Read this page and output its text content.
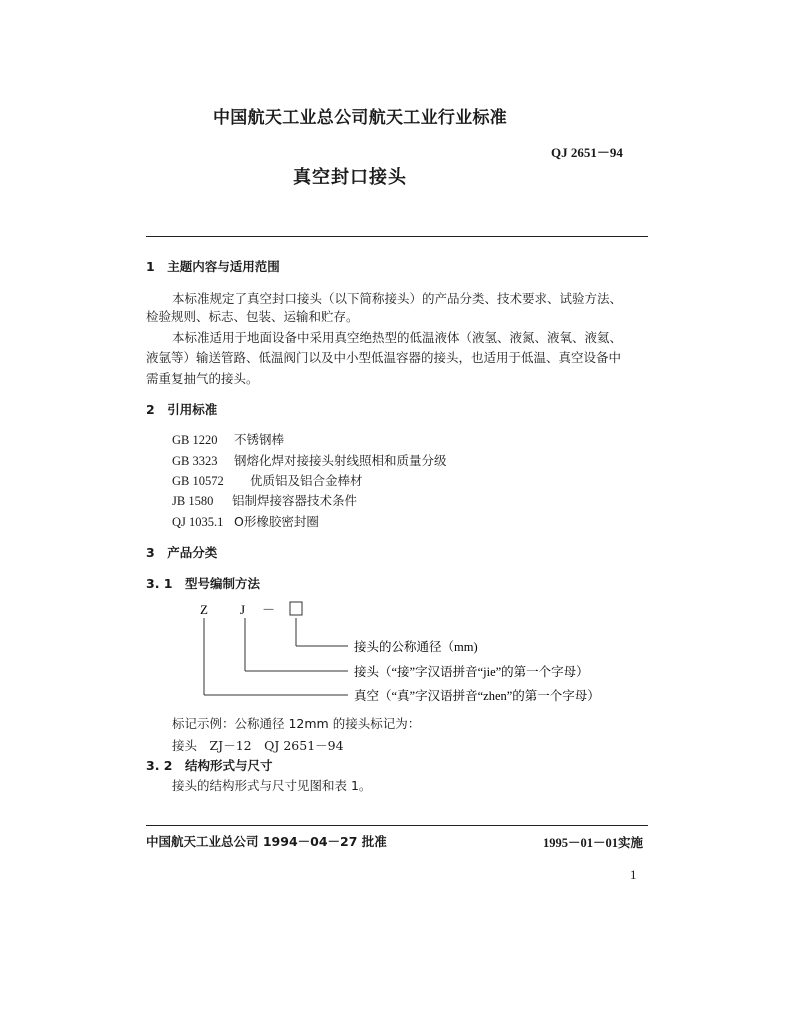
中国航天工业总公司航天工业行业标准
QJ 2651－94
真空封口接头
1　主题内容与适用范围
本标准规定了真空封口接头（以下简称接头）的产品分类、技术要求、试验方法、
检验规则、标志、包装、运输和贮存。
本标准适用于地面设备中采用真空绝热型的低温液体（液氢、液氮、液氧、液氦、
液氩等）输送管路、低温阀门以及中小型低温容器的接头，也适用于低温、真空设备中
需重复抽气的接头。
2　引用标准
GB 1220 不锈钢棒
GB 3323 钢熔化焊对接接头射线照相和质量分级
GB 10572 优质铝及铝合金棒材
JB 1580 铝制焊接容器技术条件
QJ 1035.1 O形橡胶密封圈
3　产品分类
3. 1　型号编制方法
Z J －
接头的公称通径（mm)
接头（“接”字汉语拼音“jie”的第一个字母）
真空（“真”字汉语拼音“zhen”的第一个字母）
标记示例：公称通径 12mm 的接头标记为：
接头　ZJ－12　QJ 2651－94
3. 2　结构形式与尺寸
接头的结构形式与尺寸见图和表 1。
中国航天工业总公司 1994－04－27 批准	1995－01－01实施
1
